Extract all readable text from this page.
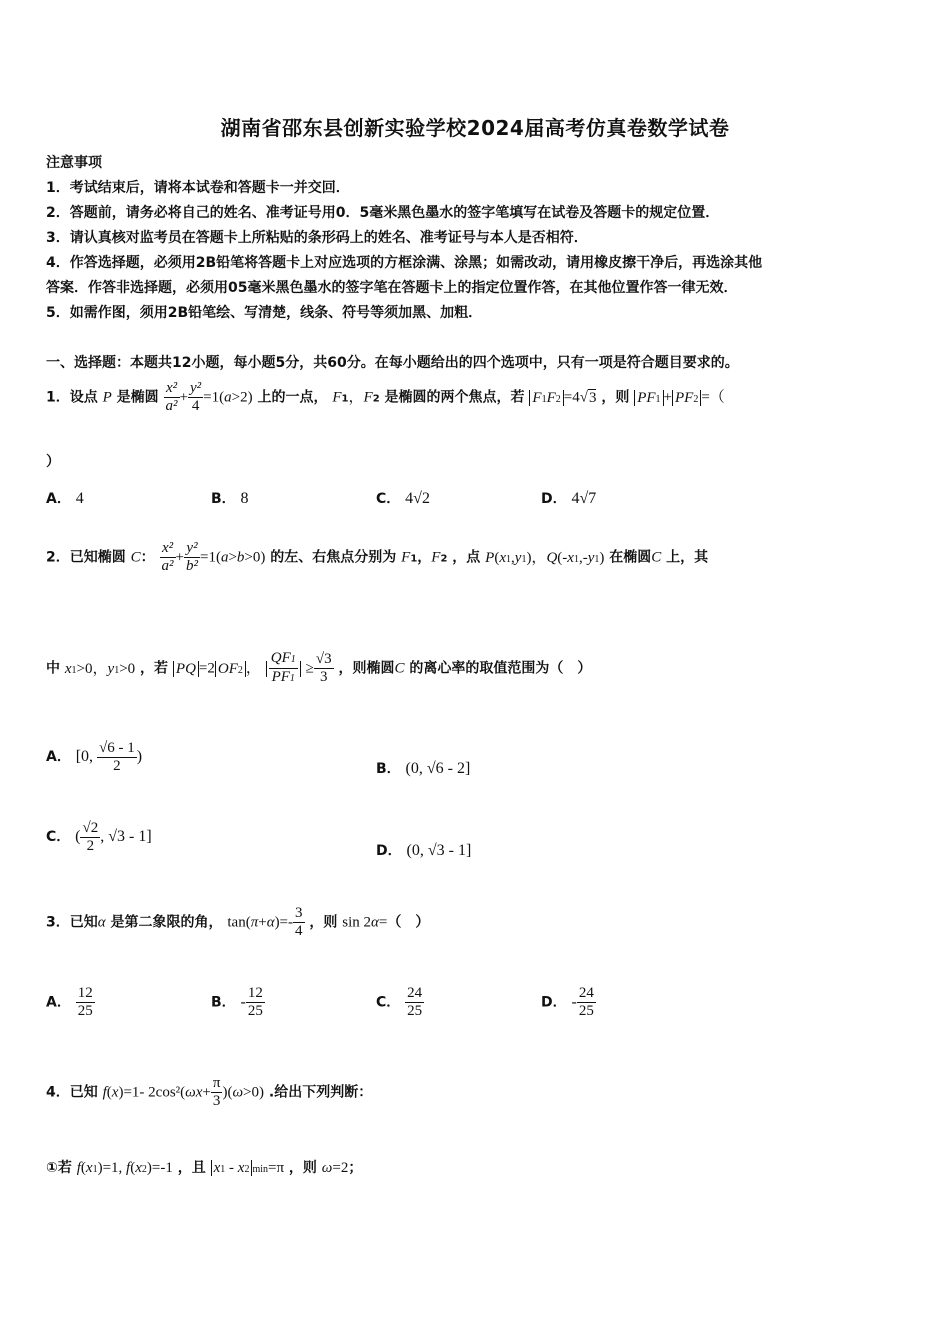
湖南省邵东县创新实验学校2024届高考仿真卷数学试卷
注意事项
1．考试结束后，请将本试卷和答题卡一并交回．
2．答题前，请务必将自己的姓名、准考证号用0．5毫米黑色墨水的签字笔填写在试卷及答题卡的规定位置．
3．请认真核对监考员在答题卡上所粘贴的条形码上的姓名、准考证号与本人是否相符．
4．作答选择题，必须用2B铅笔将答题卡上对应选项的方框涂满、涂黑；如需改动，请用橡皮擦干净后，再选涂其他
答案．作答非选择题，必须用05毫米黑色墨水的签字笔在答题卡上的指定位置作答，在其他位置作答一律无效．
5．如需作图，须用2B铅笔绘、写清楚，线条、符号等须加黑、加粗．
一、选择题：本题共12小题，每小题5分，共60分。在每小题给出的四个选项中，只有一项是符合题目要求的。
1．设点 P 是椭圆 $\frac{\text{x²}}{\text{a²}} + \frac{\text{y²}}{4} =1(a>2)$ 上的一点， F1，F2 是椭圆的两个焦点，若 F1F2 =4√3 ，则 PF1 + PF2 =（
）
A． 4	B． 8	C． 4√2	D． 4√7
2．已知椭圆 C： $\frac{\text{x²}}{\text{a²}} + \frac{\text{y²}}{\text{b²}} =1(a>b>0)$ 的左、右焦点分别为 F1，F2 ，点 P(x1,y1)，Q(-x1,-y1) 在椭圆C 上，其
中 x1>0，y1>0 ，若 PQ =2 OF2 ， $\frac{QF1}{PF1} \ge \frac{√3}{3}$ ，则椭圆C 的离心率的取值范围为（　）
A． [0, $\frac{√6 - 1}{2}$ )
B． (0, √6 - 2]
C． ( $\frac{√2}{2}$ , √3 - 1]
D． (0, √3 - 1]
3．已知α 是第二象限的角， $\tan(\pi+\alpha)=- \frac{3}{4}$ ，则 sin 2α=（　）
A． $\frac{12}{25}$	B． - $\frac{12}{25}$	C． $\frac{24}{25}$	D． - $\frac{24}{25}$
4．已知 f(x)=1- $2\cos^2(\omega x+ \frac{\pi}{3} )(\omega>0)$ .给出下列判断：
①若 f(x1)=1, f(x2)=-1 ，且 x1 - x2 min=π ，则 ω=2；
